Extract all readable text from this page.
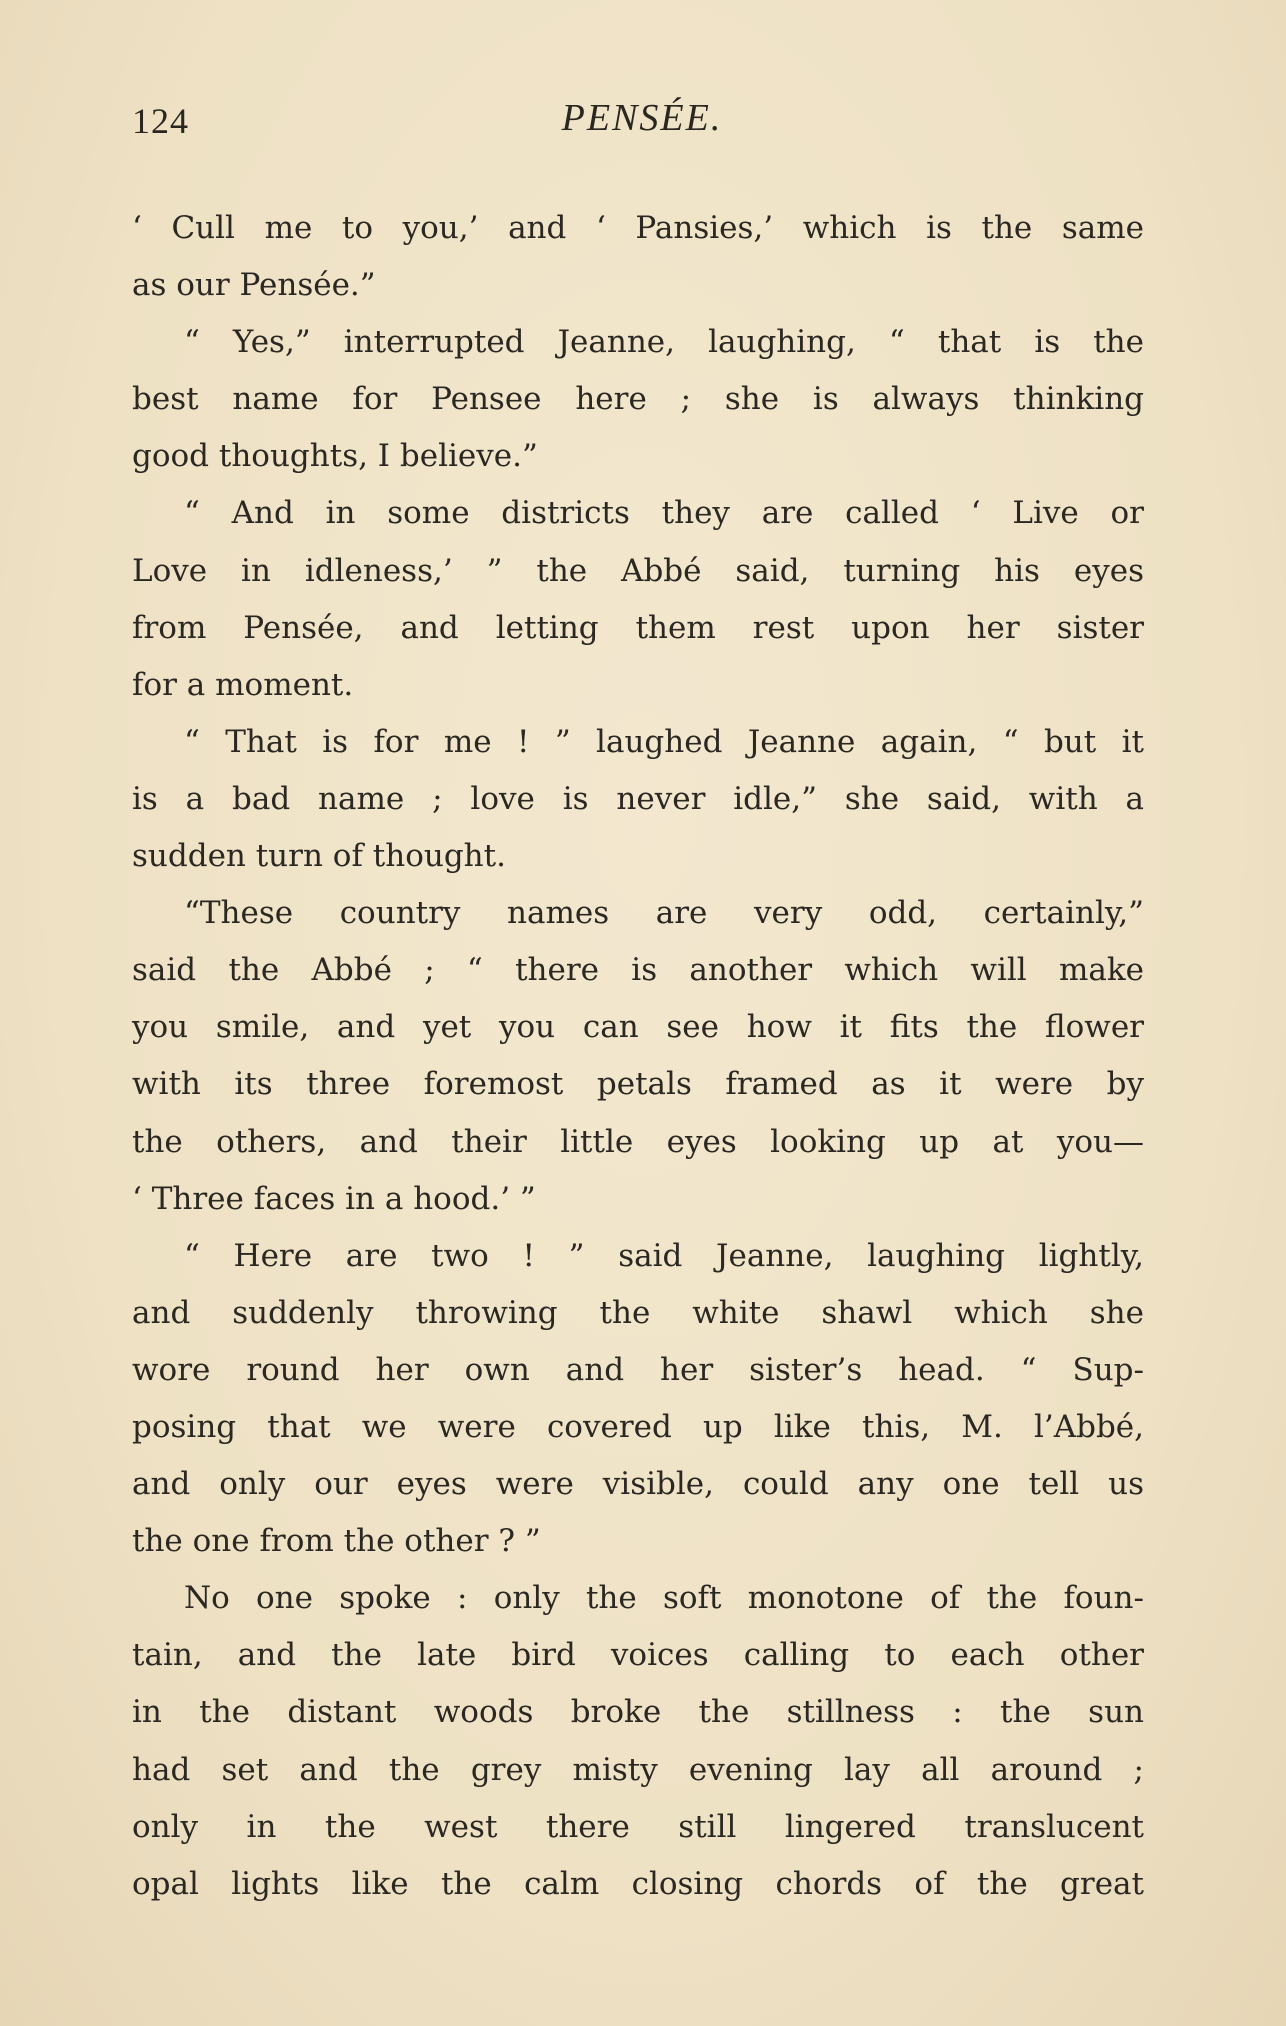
124	PENSÉE.
‘ Cull me to you,’ and ‘ Pansies,’ which is the same
as our Pensée.”
“ Yes,” interrupted Jeanne, laughing, “ that is the
best name for Pensee here ; she is always thinking
good thoughts, I believe.”
“ And in some districts they are called ‘ Live or
Love in idleness,’ ” the Abbé said, turning his eyes
from Pensée, and letting them rest upon her sister
for a moment.
“ That is for me ! ” laughed Jeanne again, “ but it
is a bad name ; love is never idle,” she said, with a
sudden turn of thought.
“These country names are very odd, certainly,”
said the Abbé ; “ there is another which will make
you smile, and yet you can see how it fits the flower
with its three foremost petals framed as it were by
the others, and their little eyes looking up at you—
‘ Three faces in a hood.’ ”
“ Here are two ! ” said Jeanne, laughing lightly,
and suddenly throwing the white shawl which she
wore round her own and her sister’s head. “ Sup-
posing that we were covered up like this, M. l’Abbé,
and only our eyes were visible, could any one tell us
the one from the other ? ”
No one spoke : only the soft monotone of the foun-
tain, and the late bird voices calling to each other
in the distant woods broke the stillness : the sun
had set and the grey misty evening lay all around ;
only in the west there still lingered translucent
opal lights like the calm closing chords of the great
